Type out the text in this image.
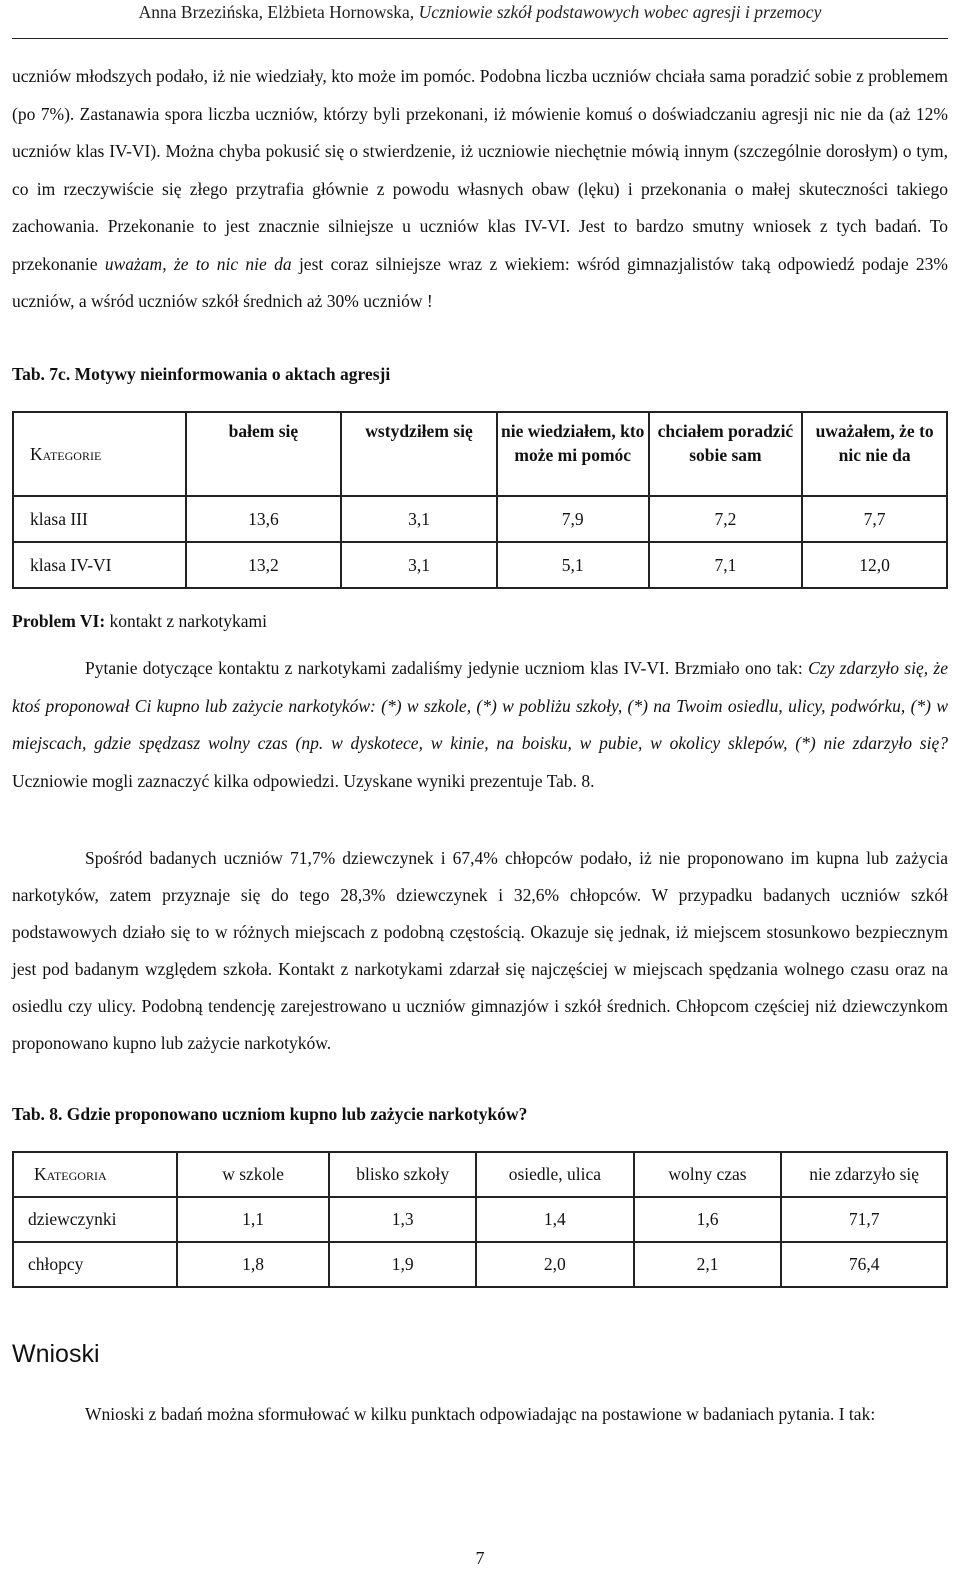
Anna Brzezińska, Elżbieta Hornowska, Uczniowie szkół podstawowych wobec agresji i przemocy

uczniów młodszych podało, iż nie wiedziały, kto może im pomóc. Podobna liczba uczniów chciała sama poradzić sobie z problemem (po 7%). Zastanawia spora liczba uczniów, którzy byli przekonani, iż mówienie komuś o doświadczaniu agresji nic nie da (aż 12% uczniów klas IV-VI). Można chyba pokusić się o stwierdzenie, iż uczniowie niechętnie mówią innym (szczególnie dorosłym) o tym, co im rzeczywiście się złego przytrafia głównie z powodu własnych obaw (lęku) i przekonania o małej skuteczności takiego zachowania. Przekonanie to jest znacznie silniejsze u uczniów klas IV-VI. Jest to bardzo smutny wniosek z tych badań. To przekonanie uważam, że to nic nie da jest coraz silniejsze wraz z wiekiem: wśród gimnazjalistów taką odpowiedź podaje 23% uczniów, a wśród uczniów szkół średnich aż 30% uczniów !

Tab. 7c. Motywy nieinformowania o aktach agresji

Kategorie	bałem się	wstydziłem się	nie wiedziałem, kto może mi pomóc	chciałem poradzić sobie sam	uważałem, że to nic nie da
klasa III	13,6	3,1	7,9	7,2	7,7
klasa IV-VI	13,2	3,1	5,1	7,1	12,0

Problem VI: kontakt z narkotykami

Pytanie dotyczące kontaktu z narkotykami zadaliśmy jedynie uczniom klas IV-VI. Brzmiało ono tak: Czy zdarzyło się, że ktoś proponował Ci kupno lub zażycie narkotyków: (*) w szkole, (*) w pobliżu szkoły, (*) na Twoim osiedlu, ulicy, podwórku, (*) w miejscach, gdzie spędzasz wolny czas (np. w dyskotece, w kinie, na boisku, w pubie, w okolicy sklepów, (*) nie zdarzyło się? Uczniowie mogli zaznaczyć kilka odpowiedzi. Uzyskane wyniki prezentuje Tab. 8.

Spośród badanych uczniów 71,7% dziewczynek i 67,4% chłopców podało, iż nie proponowano im kupna lub zażycia narkotyków, zatem przyznaje się do tego 28,3% dziewczynek i 32,6% chłopców. W przypadku badanych uczniów szkół podstawowych działo się to w różnych miejscach z podobną częstością. Okazuje się jednak, iż miejscem stosunkowo bezpiecznym jest pod badanym względem szkoła. Kontakt z narkotykami zdarzał się najczęściej w miejscach spędzania wolnego czasu oraz na osiedlu czy ulicy. Podobną tendencję zarejestrowano u uczniów gimnazjów i szkół średnich. Chłopcom częściej niż dziewczynkom proponowano kupno lub zażycie narkotyków.

Tab. 8. Gdzie proponowano uczniom kupno lub zażycie narkotyków?

Kategoria	w szkole	blisko szkoły	osiedle, ulica	wolny czas	nie zdarzyło się
dziewczynki	1,1	1,3	1,4	1,6	71,7
chłopcy	1,8	1,9	2,0	2,1	76,4
Wnioski

Wnioski z badań można sformułować w kilku punktach odpowiadając na postawione w badaniach pytania. I tak:

7
